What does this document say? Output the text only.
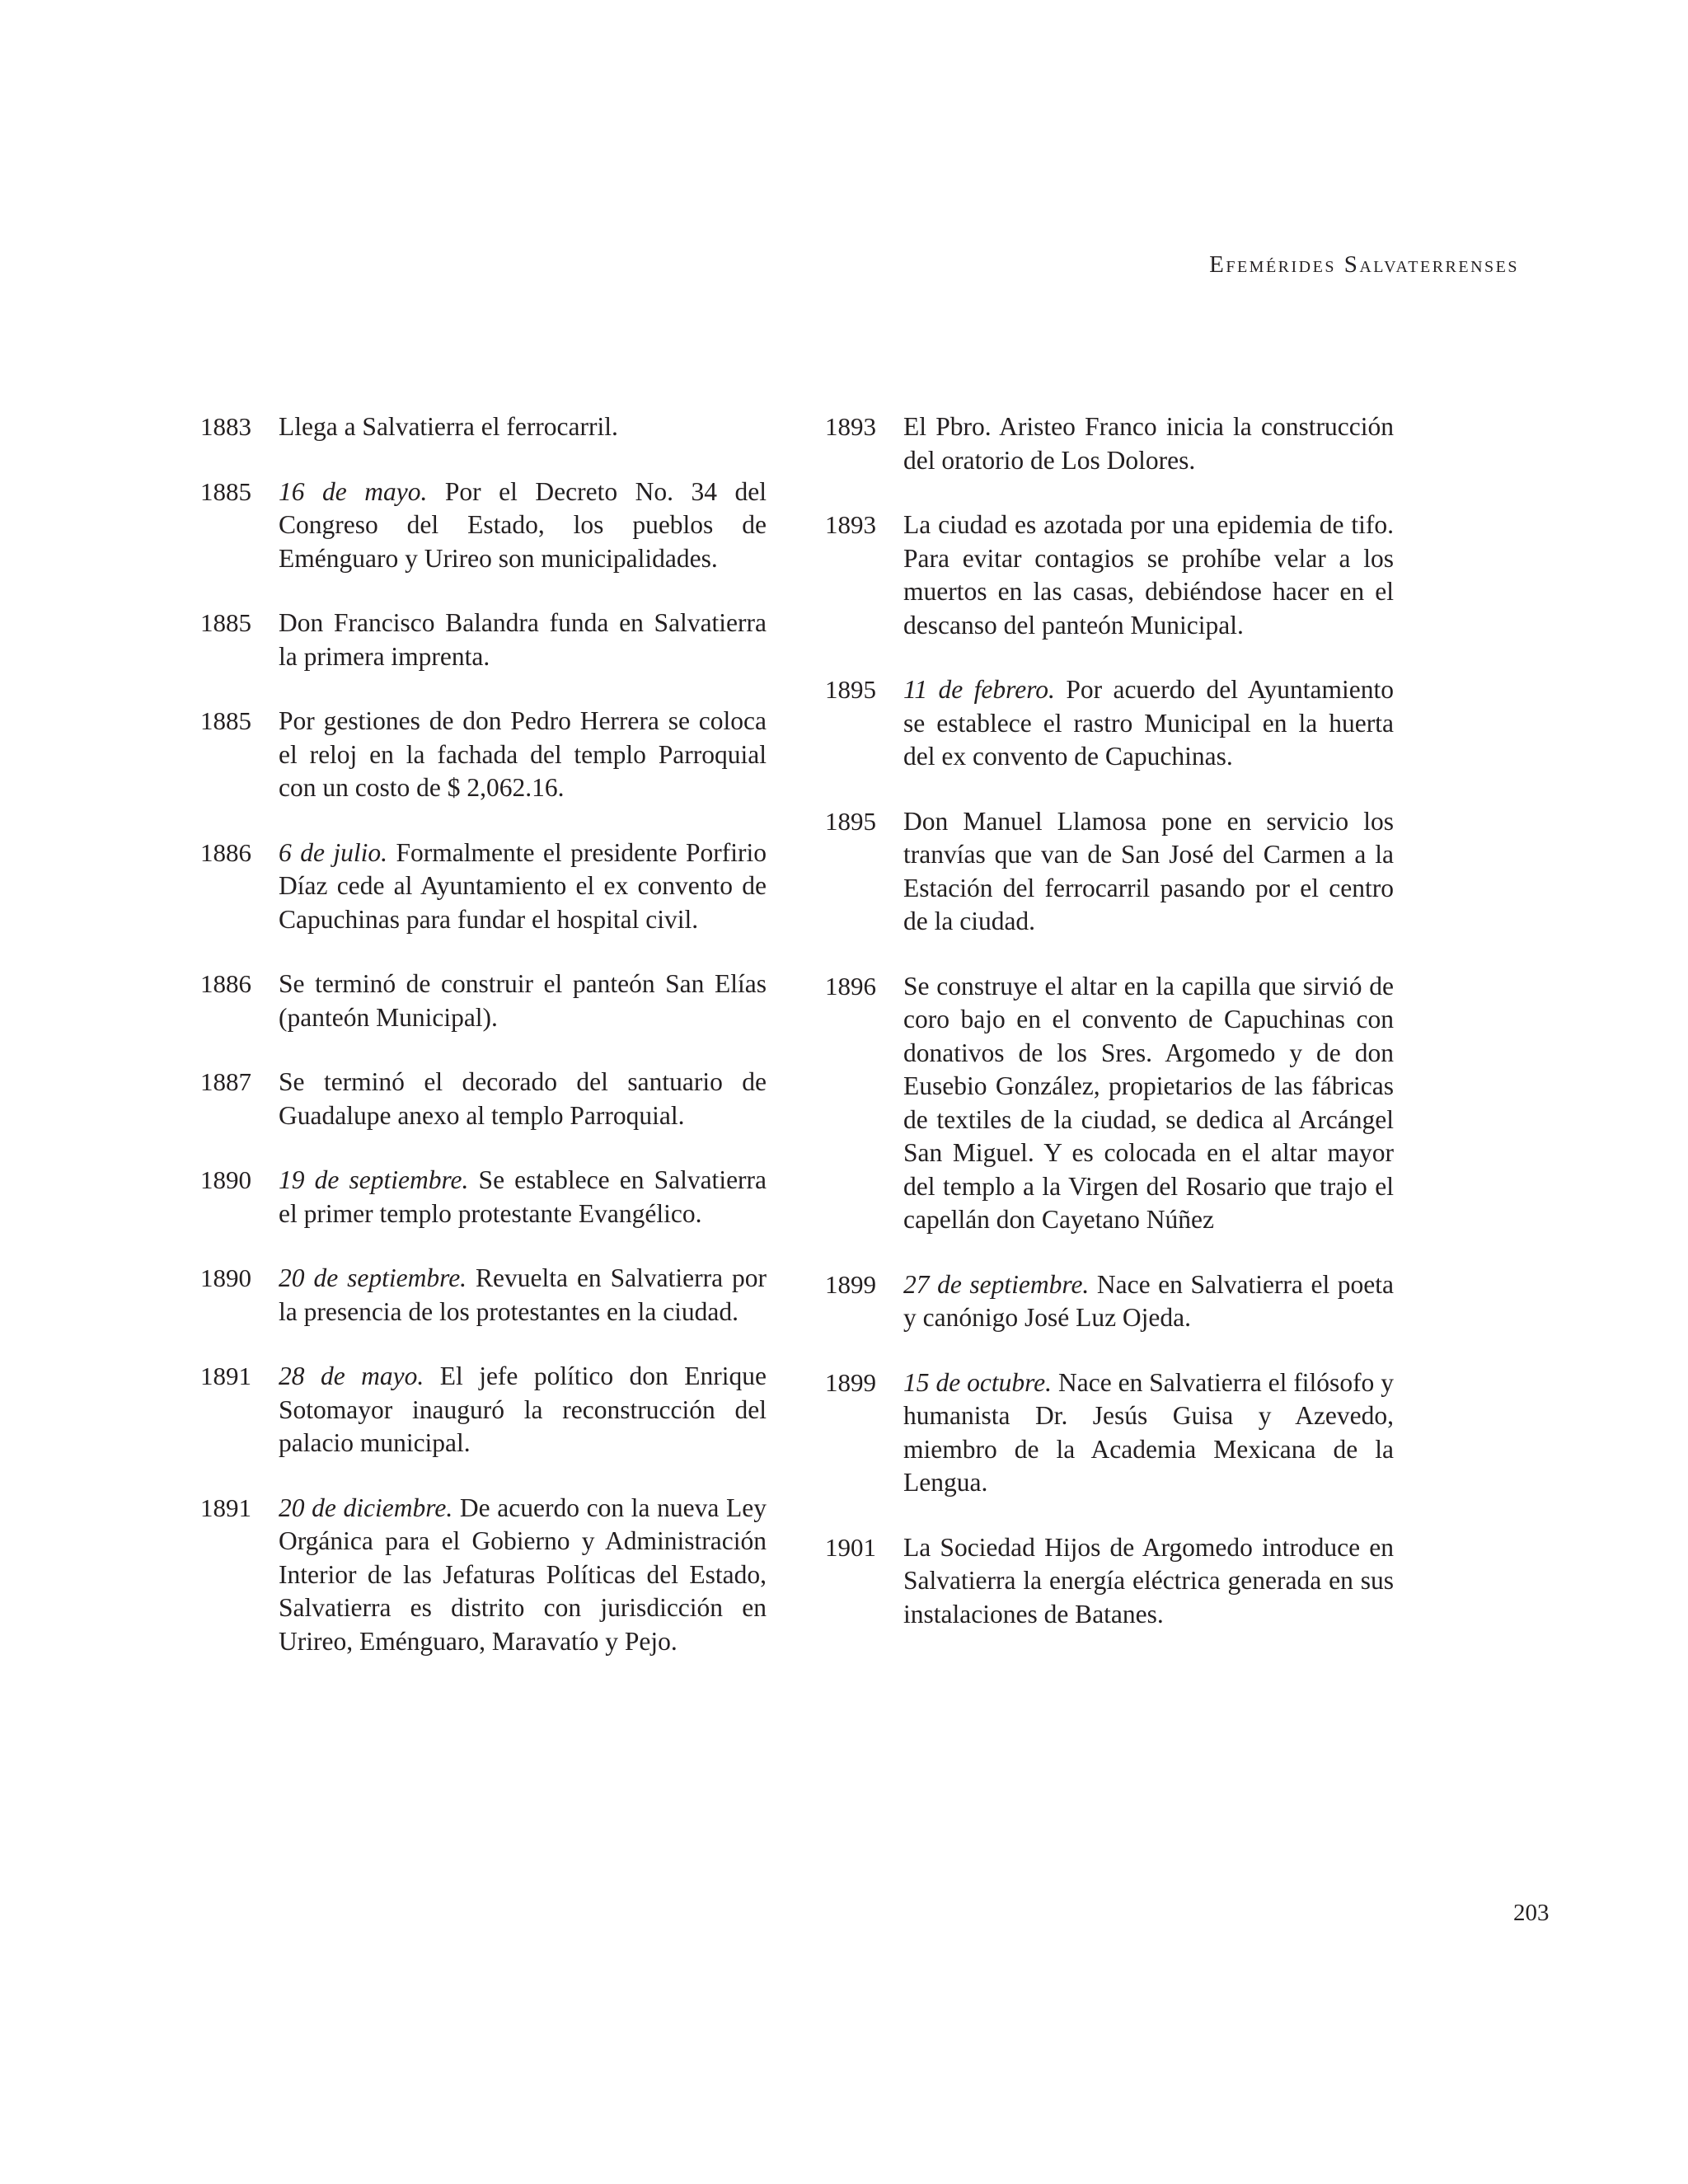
Efemérides Salvaterrenses
1883	Llega a Salvatierra el ferrocarril.
1885	16 de mayo. Por el Decreto No. 34 del Congreso del Estado, los pueblos de Eménguaro y Urireo son municipalidades.
1885	Don Francisco Balandra funda en Salvatierra la primera imprenta.
1885	Por gestiones de don Pedro Herrera se coloca el reloj en la fachada del templo Parroquial con un costo de $ 2,062.16.
1886	6 de julio. Formalmente el presidente Porfirio Díaz cede al Ayuntamiento el ex convento de Capuchinas para fundar el hospital civil.
1886	Se terminó de construir el panteón San Elías (panteón Municipal).
1887	Se terminó el decorado del santuario de Guadalupe anexo al templo Parroquial.
1890	19 de septiembre. Se establece en Salvatierra el primer templo protestante Evangélico.
1890	20 de septiembre. Revuelta en Salvatierra por la presencia de los protestantes en la ciudad.
1891	28 de mayo. El jefe político don Enrique Sotomayor inauguró la reconstrucción del palacio municipal.
1891	20 de diciembre. De acuerdo con la nueva Ley Orgánica para el Gobierno y Administración Interior de las Jefaturas Políticas del Estado, Salvatierra es distrito con jurisdicción en Urireo, Eménguaro, Maravatío y Pejo.
1893	El Pbro. Aristeo Franco inicia la construcción del oratorio de Los Dolores.
1893	La ciudad es azotada por una epidemia de tifo. Para evitar contagios se prohíbe velar a los muertos en las casas, debiéndose hacer en el descanso del panteón Municipal.
1895	11 de febrero. Por acuerdo del Ayuntamiento se establece el rastro Municipal en la huerta del ex convento de Capuchinas.
1895	Don Manuel Llamosa pone en servicio los tranvías que van de San José del Carmen a la Estación del ferrocarril pasando por el centro de la ciudad.
1896	Se construye el altar en la capilla que sirvió de coro bajo en el convento de Capuchinas con donativos de los Sres. Argomedo y de don Eusebio González, propietarios de las fábricas de textiles de la ciudad, se dedica al Arcángel San Miguel. Y es colocada en el altar mayor del templo a la Virgen del Rosario que trajo el capellán don Cayetano Núñez
1899	27 de septiembre. Nace en Salvatierra el poeta y canónigo José Luz Ojeda.
1899	15 de octubre. Nace en Salvatierra el filósofo y humanista Dr. Jesús Guisa y Azevedo, miembro de la Academia Mexicana de la Lengua.
1901	La Sociedad Hijos de Argomedo introduce en Salvatierra la energía eléctrica generada en sus instalaciones de Batanes.
203
